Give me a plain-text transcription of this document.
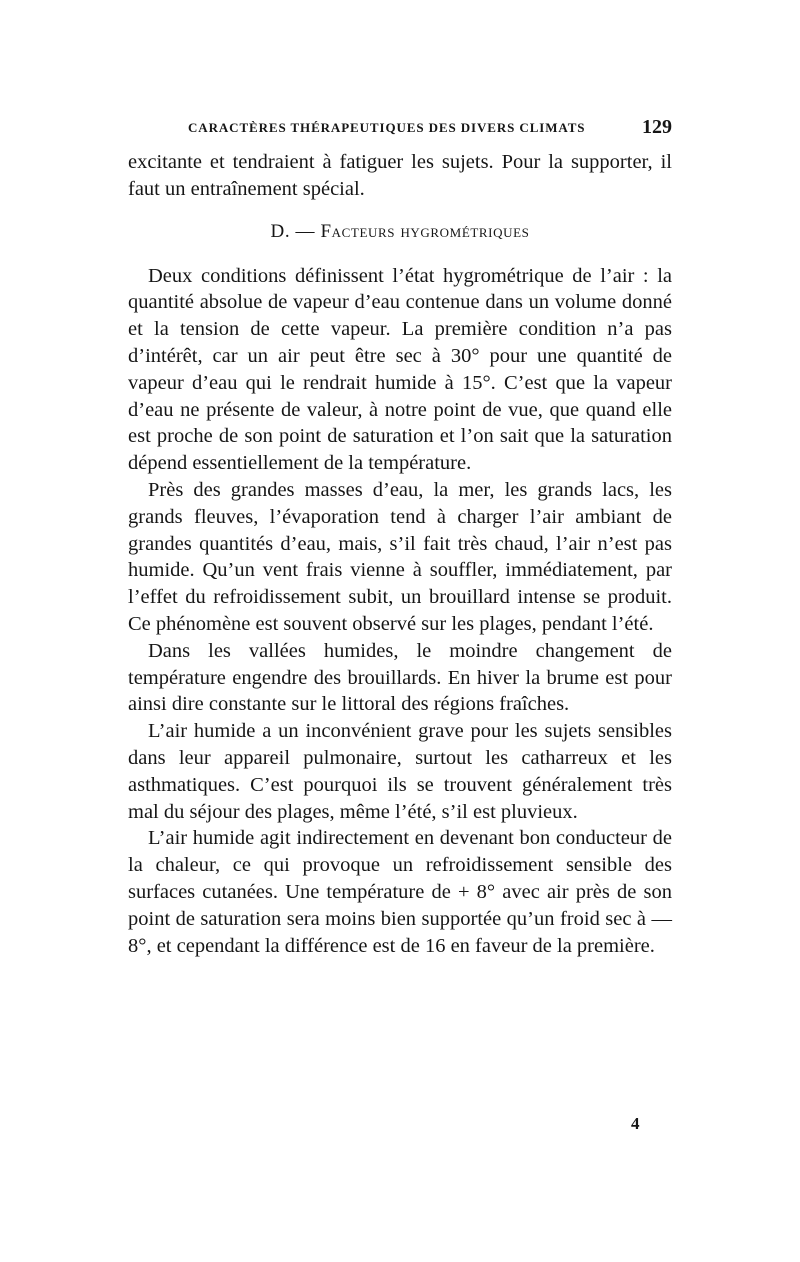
CARACTÈRES THÉRAPEUTIQUES DES DIVERS CLIMATS	129

excitante et tendraient à fatiguer les sujets. Pour la supporter, il faut un entraînement spécial.

D. — Facteurs hygrométriques

Deux conditions définissent l’état hygrométrique de l’air : la quantité absolue de vapeur d’eau contenue dans un volume donné et la tension de cette vapeur. La première condition n’a pas d’intérêt, car un air peut être sec à 30° pour une quantité de vapeur d’eau qui le rendrait humide à 15°. C’est que la vapeur d’eau ne présente de valeur, à notre point de vue, que quand elle est proche de son point de saturation et l’on sait que la saturation dépend essentiellement de la température.

Près des grandes masses d’eau, la mer, les grands lacs, les grands fleuves, l’évaporation tend à charger l’air ambiant de grandes quantités d’eau, mais, s’il fait très chaud, l’air n’est pas humide. Qu’un vent frais vienne à souffler, immédiatement, par l’effet du refroidissement subit, un brouillard intense se produit. Ce phénomène est souvent observé sur les plages, pendant l’été.

Dans les vallées humides, le moindre changement de température engendre des brouillards. En hiver la brume est pour ainsi dire constante sur le littoral des régions fraîches.

L’air humide a un inconvénient grave pour les sujets sensibles dans leur appareil pulmonaire, surtout les catharreux et les asthmatiques. C’est pourquoi ils se trouvent généralement très mal du séjour des plages, même l’été, s’il est pluvieux.

L’air humide agit indirectement en devenant bon conducteur de la chaleur, ce qui provoque un refroidissement sensible des surfaces cutanées. Une température de + 8° avec air près de son point de saturation sera moins bien supportée qu’un froid sec à — 8°, et cependant la différence est de 16 en faveur de la première.

4
